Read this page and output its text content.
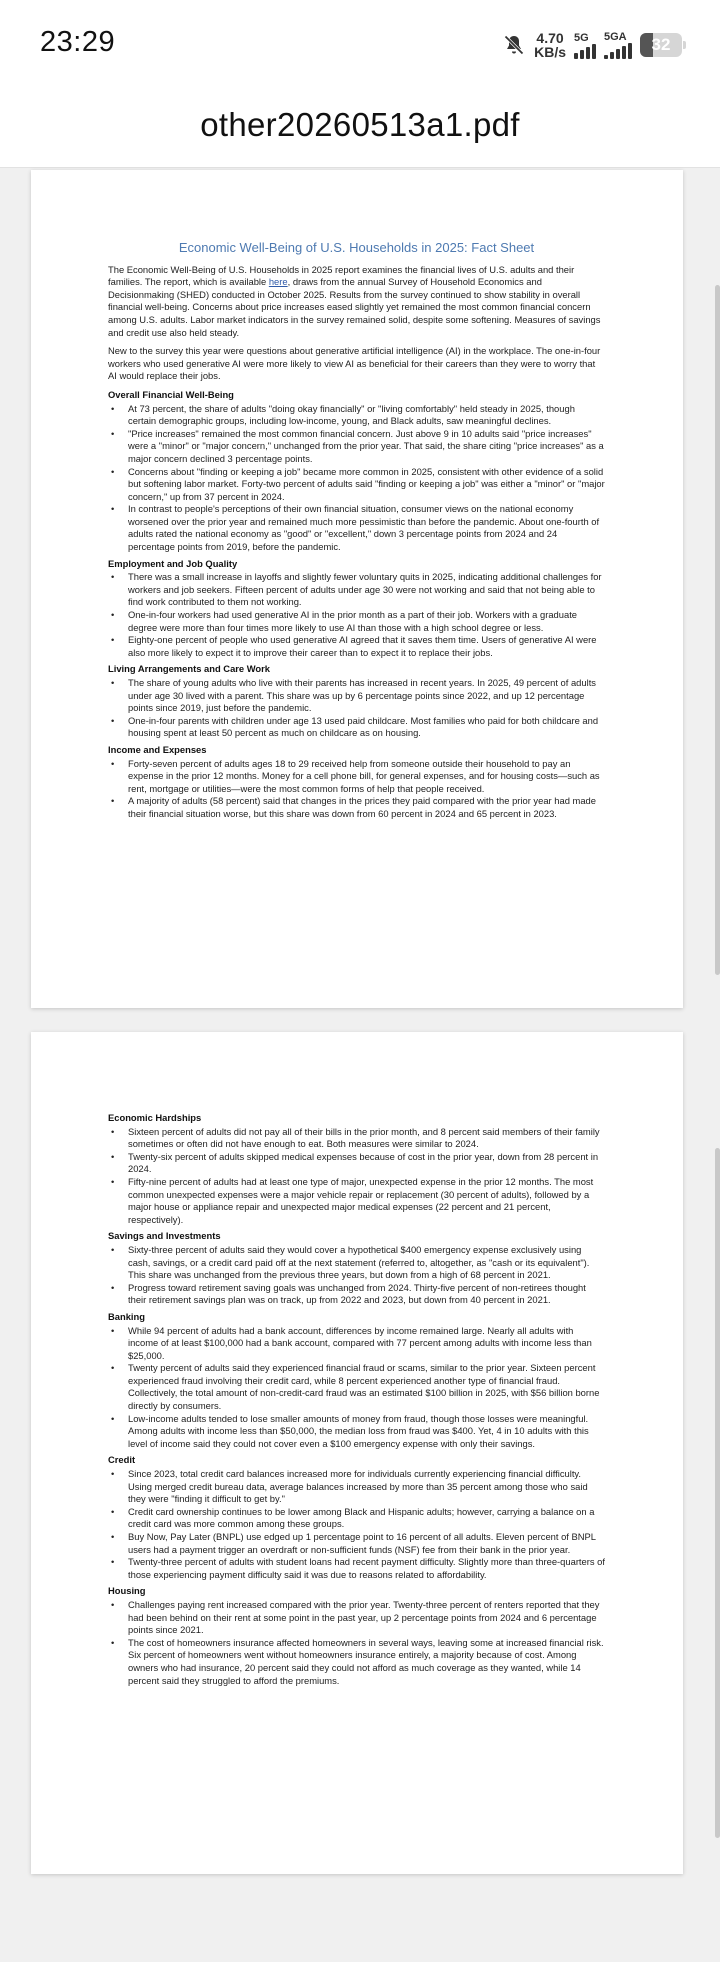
23:29	4.70
KB/s
5G 5GA 32
other20260513a1.pdf
Economic Well-Being of U.S. Households in 2025: Fact Sheet

The Economic Well-Being of U.S. Households in 2025 report examines the financial lives of U.S. adults and their families. The report, which is available here, draws from the annual Survey of Household Economics and Decisionmaking (SHED) conducted in October 2025. Results from the survey continued to show stability in overall financial well-being. Concerns about price increases eased slightly yet remained the most common financial concern among U.S. adults. Labor market indicators in the survey remained solid, despite some softening. Measures of savings and credit use also held steady.

New to the survey this year were questions about generative artificial intelligence (AI) in the workplace. The one-in-four workers who used generative AI were more likely to view AI as beneficial for their careers than they were to worry that AI would replace their jobs.

Overall Financial Well-Being
•	At 73 percent, the share of adults "doing okay financially" or "living comfortably" held steady in 2025, though certain demographic groups, including low-income, young, and Black adults, saw meaningful declines.
•	"Price increases" remained the most common financial concern. Just above 9 in 10 adults said "price increases" were a "minor" or "major concern," unchanged from the prior year. That said, the share citing "price increases" as a major concern declined 3 percentage points.
•	Concerns about "finding or keeping a job" became more common in 2025, consistent with other evidence of a solid but softening labor market. Forty-two percent of adults said "finding or keeping a job" was either a "minor" or "major concern," up from 37 percent in 2024.
•	In contrast to people's perceptions of their own financial situation, consumer views on the national economy worsened over the prior year and remained much more pessimistic than before the pandemic. About one-fourth of adults rated the national economy as "good" or "excellent," down 3 percentage points from 2024 and 24 percentage points from 2019, before the pandemic.
Employment and Job Quality
•	There was a small increase in layoffs and slightly fewer voluntary quits in 2025, indicating additional challenges for workers and job seekers. Fifteen percent of adults under age 30 were not working and said that not being able to find work contributed to them not working.
•	One-in-four workers had used generative AI in the prior month as a part of their job. Workers with a graduate degree were more than four times more likely to use AI than those with a high school degree or less.
•	Eighty-one percent of people who used generative AI agreed that it saves them time. Users of generative AI were also more likely to expect it to improve their career than to expect it to replace their jobs.
Living Arrangements and Care Work
•	The share of young adults who live with their parents has increased in recent years. In 2025, 49 percent of adults under age 30 lived with a parent. This share was up by 6 percentage points since 2022, and up 12 percentage points since 2019, just before the pandemic.
•	One-in-four parents with children under age 13 used paid childcare. Most families who paid for both childcare and housing spent at least 50 percent as much on childcare as on housing.
Income and Expenses
•	Forty-seven percent of adults ages 18 to 29 received help from someone outside their household to pay an expense in the prior 12 months. Money for a cell phone bill, for general expenses, and for housing costs—such as rent, mortgage or utilities—were the most common forms of help that people received.
•	A majority of adults (58 percent) said that changes in the prices they paid compared with the prior year had made their financial situation worse, but this share was down from 60 percent in 2024 and 65 percent in 2023.
Economic Hardships
•	Sixteen percent of adults did not pay all of their bills in the prior month, and 8 percent said members of their family sometimes or often did not have enough to eat. Both measures were similar to 2024.
•	Twenty-six percent of adults skipped medical expenses because of cost in the prior year, down from 28 percent in 2024.
•	Fifty-nine percent of adults had at least one type of major, unexpected expense in the prior 12 months. The most common unexpected expenses were a major vehicle repair or replacement (30 percent of adults), followed by a major house or appliance repair and unexpected major medical expenses (22 percent and 21 percent, respectively).
Savings and Investments
•	Sixty-three percent of adults said they would cover a hypothetical $400 emergency expense exclusively using cash, savings, or a credit card paid off at the next statement (referred to, altogether, as "cash or its equivalent"). This share was unchanged from the previous three years, but down from a high of 68 percent in 2021.
•	Progress toward retirement saving goals was unchanged from 2024. Thirty-five percent of non-retirees thought their retirement savings plan was on track, up from 2022 and 2023, but down from 40 percent in 2021.
Banking
•	While 94 percent of adults had a bank account, differences by income remained large. Nearly all adults with income of at least $100,000 had a bank account, compared with 77 percent among adults with income less than $25,000.
•	Twenty percent of adults said they experienced financial fraud or scams, similar to the prior year. Sixteen percent experienced fraud involving their credit card, while 8 percent experienced another type of financial fraud. Collectively, the total amount of non-credit-card fraud was an estimated $100 billion in 2025, with $56 billion borne directly by consumers.
•	Low-income adults tended to lose smaller amounts of money from fraud, though those losses were meaningful. Among adults with income less than $50,000, the median loss from fraud was $400. Yet, 4 in 10 adults with this level of income said they could not cover even a $100 emergency expense with only their savings.
Credit
•	Since 2023, total credit card balances increased more for individuals currently experiencing financial difficulty. Using merged credit bureau data, average balances increased by more than 35 percent among those who said they were "finding it difficult to get by."
•	Credit card ownership continues to be lower among Black and Hispanic adults; however, carrying a balance on a credit card was more common among these groups.
•	Buy Now, Pay Later (BNPL) use edged up 1 percentage point to 16 percent of all adults. Eleven percent of BNPL users had a payment trigger an overdraft or non-sufficient funds (NSF) fee from their bank in the prior year.
•	Twenty-three percent of adults with student loans had recent payment difficulty. Slightly more than three-quarters of those experiencing payment difficulty said it was due to reasons related to affordability.
Housing
•	Challenges paying rent increased compared with the prior year. Twenty-three percent of renters reported that they had been behind on their rent at some point in the past year, up 2 percentage points from 2024 and 6 percentage points since 2021.
•	The cost of homeowners insurance affected homeowners in several ways, leaving some at increased financial risk. Six percent of homeowners went without homeowners insurance entirely, a majority because of cost. Among owners who had insurance, 20 percent said they could not afford as much coverage as they wanted, while 14 percent said they struggled to afford the premiums.
